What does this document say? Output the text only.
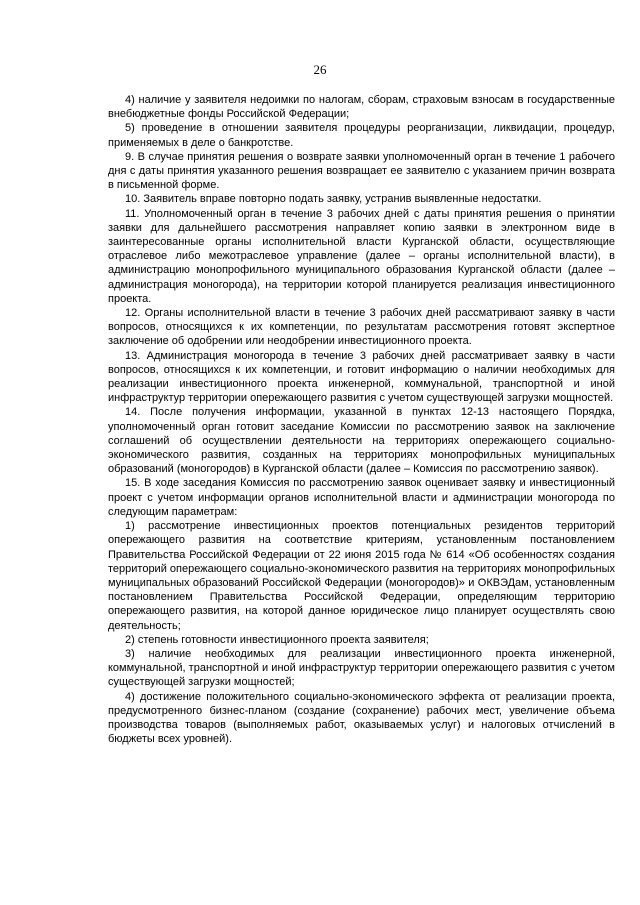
26

4) наличие у заявителя недоимки по налогам, сборам, страховым взносам в государственные внебюджетные фонды Российской Федерации;

5) проведение в отношении заявителя процедуры реорганизации, ликвидации, процедур, применяемых в деле о банкротстве.

9. В случае принятия решения о возврате заявки уполномоченный орган в течение 1 рабочего дня с даты принятия указанного решения возвращает ее заявителю с указанием причин возврата в письменной форме.

10. Заявитель вправе повторно подать заявку, устранив выявленные недостатки.

11. Уполномоченный орган в течение 3 рабочих дней с даты принятия решения о принятии заявки для дальнейшего рассмотрения направляет копию заявки в электронном виде в заинтересованные органы исполнительной власти Курганской области, осуществляющие отраслевое либо межотраслевое управление (далее – органы исполнительной власти), в администрацию монопрофильного муниципального образования Курганской области (далее – администрация моногорода), на территории которой планируется реализация инвестиционного проекта.

12. Органы исполнительной власти в течение 3 рабочих дней рассматривают заявку в части вопросов, относящихся к их компетенции, по результатам рассмотрения готовят экспертное заключение об одобрении или неодобрении инвестиционного проекта.

13. Администрация моногорода в течение 3 рабочих дней рассматривает заявку в части вопросов, относящихся к их компетенции, и готовит информацию о наличии необходимых для реализации инвестиционного проекта инженерной, коммунальной, транспортной и иной инфраструктур территории опережающего развития с учетом существующей загрузки мощностей.

14. После получения информации, указанной в пунктах 12-13 настоящего Порядка, уполномоченный орган готовит заседание Комиссии по рассмотрению заявок на заключение соглашений об осуществлении деятельности на территориях опережающего социально-экономического развития, созданных на территориях монопрофильных муниципальных образований (моногородов) в Курганской области (далее – Комиссия по рассмотрению заявок).

15. В ходе заседания Комиссия по рассмотрению заявок оценивает заявку и инвестиционный проект с учетом информации органов исполнительной власти и администрации моногорода по следующим параметрам:

1) рассмотрение инвестиционных проектов потенциальных резидентов территорий опережающего развития на соответствие критериям, установленным постановлением Правительства Российской Федерации от 22 июня 2015 года № 614 «Об особенностях создания территорий опережающего социально-экономического развития на территориях монопрофильных муниципальных образований Российской Федерации (моногородов)» и ОКВЭДам, установленным постановлением Правительства Российской Федерации, определяющим территорию опережающего развития, на которой данное юридическое лицо планирует осуществлять свою деятельность;

2) степень готовности инвестиционного проекта заявителя;

3) наличие необходимых для реализации инвестиционного проекта инженерной, коммунальной, транспортной и иной инфраструктур территории опережающего развития с учетом существующей загрузки мощностей;

4) достижение положительного социально-экономического эффекта от реализации проекта, предусмотренного бизнес-планом (создание (сохранение) рабочих мест, увеличение объема производства товаров (выполняемых работ, оказываемых услуг) и налоговых отчислений в бюджеты всех уровней).
